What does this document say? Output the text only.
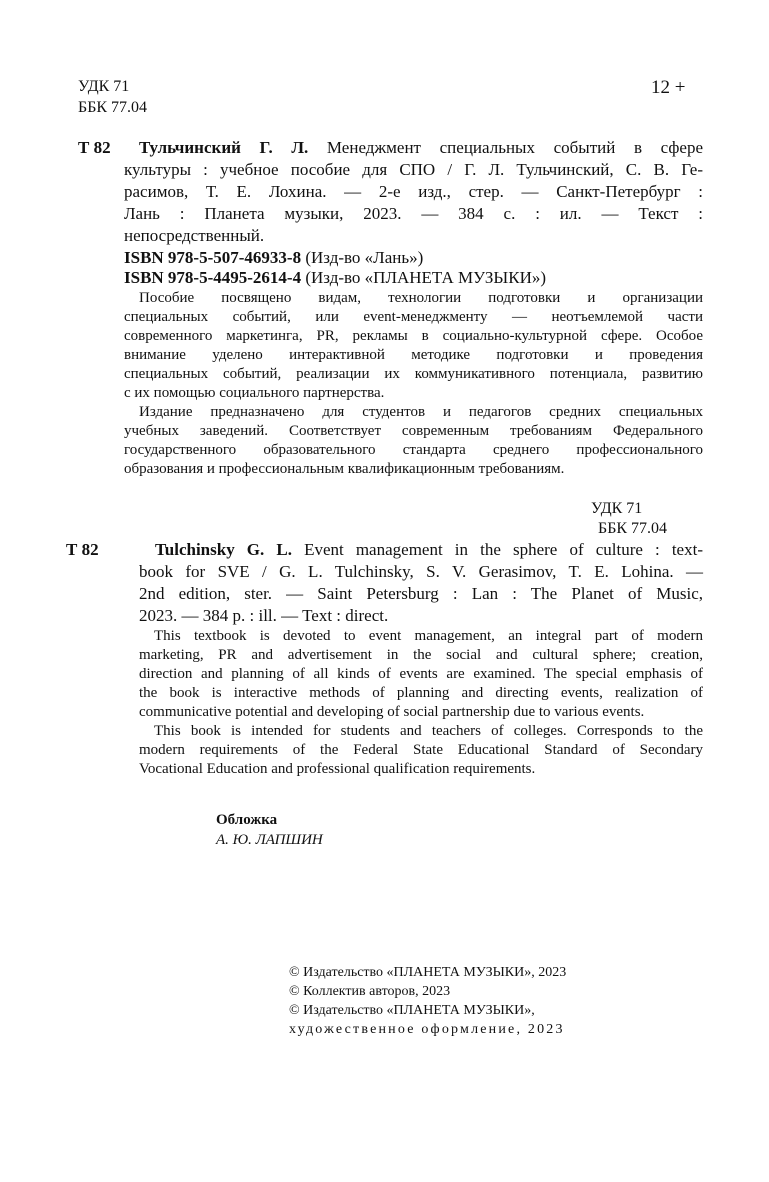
УДК 71
ББК 77.04
12 +
Т 82 Тульчинский Г. Л. Менеджмент специальных событий в сфере
культуры : учебное пособие для СПО / Г. Л. Тульчинский, С. В. Ге-
расимов, Т. Е. Лохина. — 2-е изд., стер. — Санкт-Петербург :
Лань : Планета музыки, 2023. — 384 с. : ил. — Текст :
непосредственный.
ISBN 978-5-507-46933-8 (Изд-во «Лань»)
ISBN 978-5-4495-2614-4 (Изд-во «ПЛАНЕТА МУЗЫКИ»)
Пособие посвящено видам, технологии подготовки и организации
специальных событий, или event-менеджменту — неотъемлемой части
современного маркетинга, PR, рекламы в социально-культурной сфере. Особое
внимание уделено интерактивной методике подготовки и проведения
специальных событий, реализации их коммуникативного потенциала, развитию
с их помощью социального партнерства.
Издание предназначено для студентов и педагогов средних специальных
учебных заведений. Соответствует современным требованиям Федерального
государственного образовательного стандарта среднего профессионального
образования и профессиональным квалификационным требованиям.
УДК 71
ББК 77.04
Т 82	Tulchinsky G. L. Event management in the sphere of culture : text-
book for SVE / G. L. Tulchinsky, S. V. Gerasimov, T. E. Lohina. —
2nd edition, ster. — Saint Petersburg : Lan : The Planet of Music,
2023. — 384 p. : ill. — Text : direct.
This textbook is devoted to event management, an integral part of modern
marketing, PR and advertisement in the social and cultural sphere; creation,
direction and planning of all kinds of events are examined. The special emphasis of
the book is interactive methods of planning and directing events, realization of
communicative potential and developing of social partnership due to various events.
This book is intended for students and teachers of colleges. Corresponds to the
modern requirements of the Federal State Educational Standard of Secondary
Vocational Education and professional qualification requirements.
Обложка
А. Ю. ЛАПШИН
© Издательство «ПЛАНЕТА МУЗЫКИ», 2023
© Коллектив авторов, 2023
© Издательство «ПЛАНЕТА МУЗЫКИ»,
художественное оформление, 2023
